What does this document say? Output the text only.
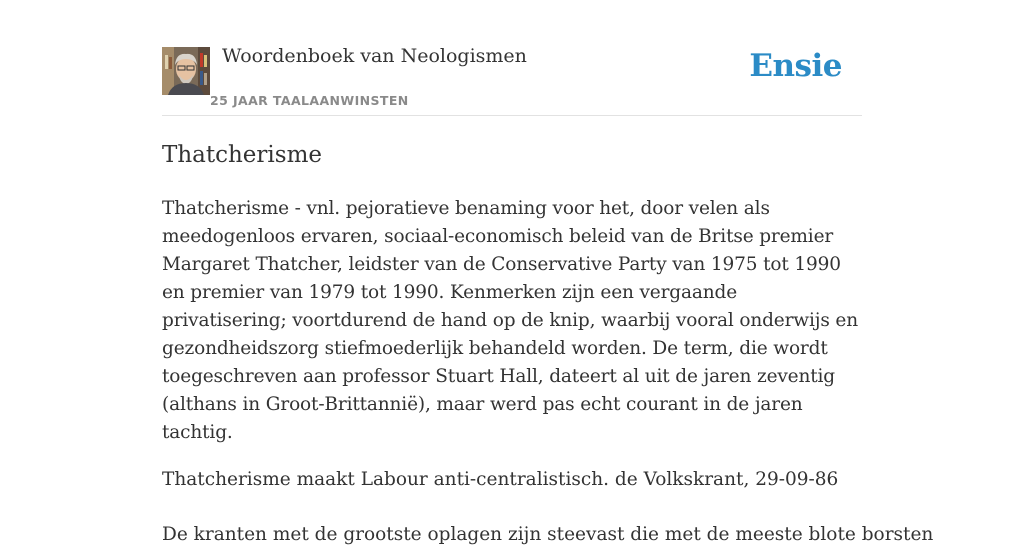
Woordenboek van Neologismen
25 JAAR TAALAANWINSTEN
Ensie
Thatcherisme

Thatcherisme - vnl. pejoratieve benaming voor het, door velen als meedogenloos ervaren, sociaal-economisch beleid van de Britse premier Margaret Thatcher, leidster van de Conservative Party van 1975 tot 1990 en premier van 1979 tot 1990. Kenmerken zijn een vergaande privatisering; voortdurend de hand op de knip, waarbij vooral onderwijs en gezondheidszorg stiefmoederlijk behandeld worden. De term, die wordt toegeschreven aan professor Stuart Hall, dateert al uit de jaren zeventig (althans in Groot-Brittannië), maar werd pas echt courant in de jaren tachtig.

Thatcherisme maakt Labour anti-centralistisch. de Volkskrant, 29-09-86

De kranten met de grootste oplagen zijn steevast die met de meeste blote borsten
